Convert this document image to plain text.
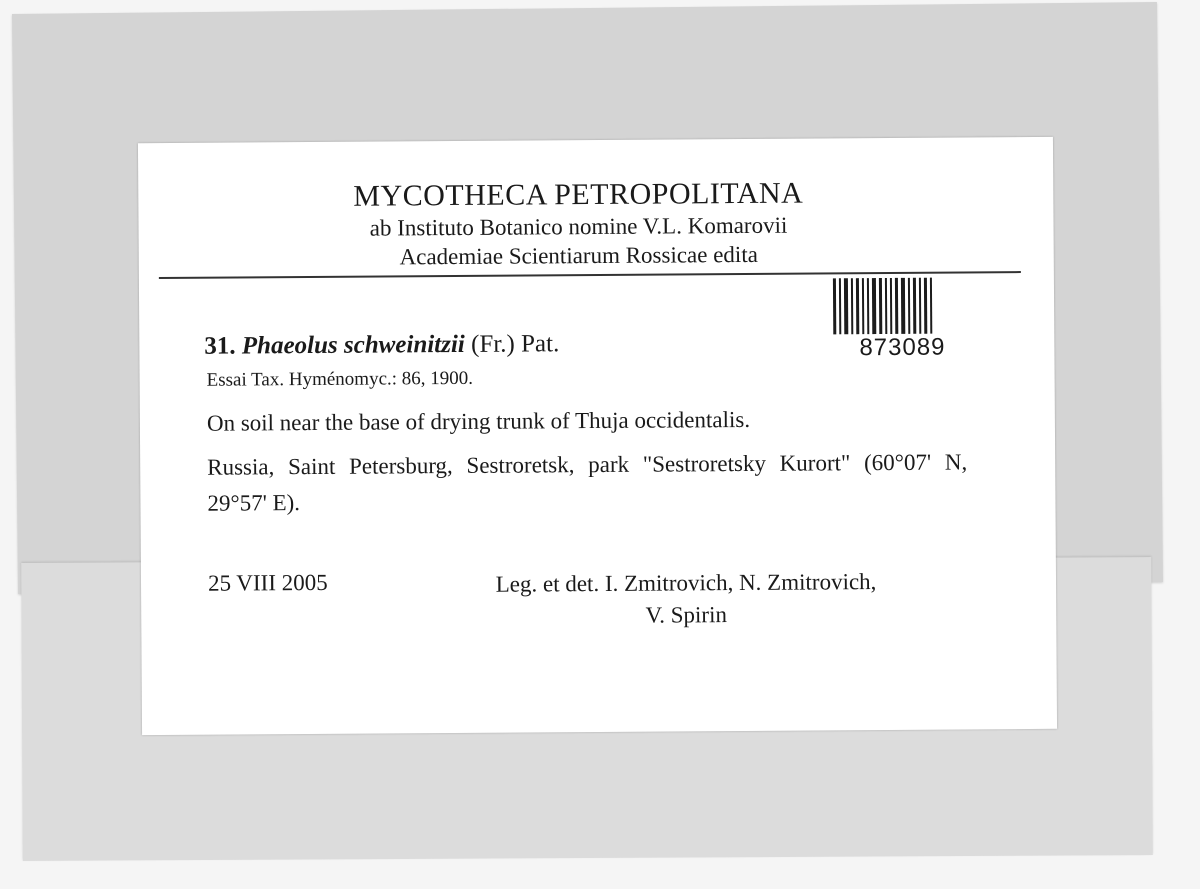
MYCOTHECA PETROPOLITANA
ab Instituto Botanico nomine V.L. Komarovii
Academiae Scientiarum Rossicae edita
873089
31. Phaeolus schweinitzii (Fr.) Pat.
Essai Tax. Hyménomyc.: 86, 1900.
On soil near the base of drying trunk of Thuja occidentalis.
Russia, Saint Petersburg, Sestroretsk, park "Sestroretsky Kurort" (60°07' N, 29°57' E).
25 VIII 2005	Leg. et det. I. Zmitrovich, N. Zmitrovich,
V. Spirin
